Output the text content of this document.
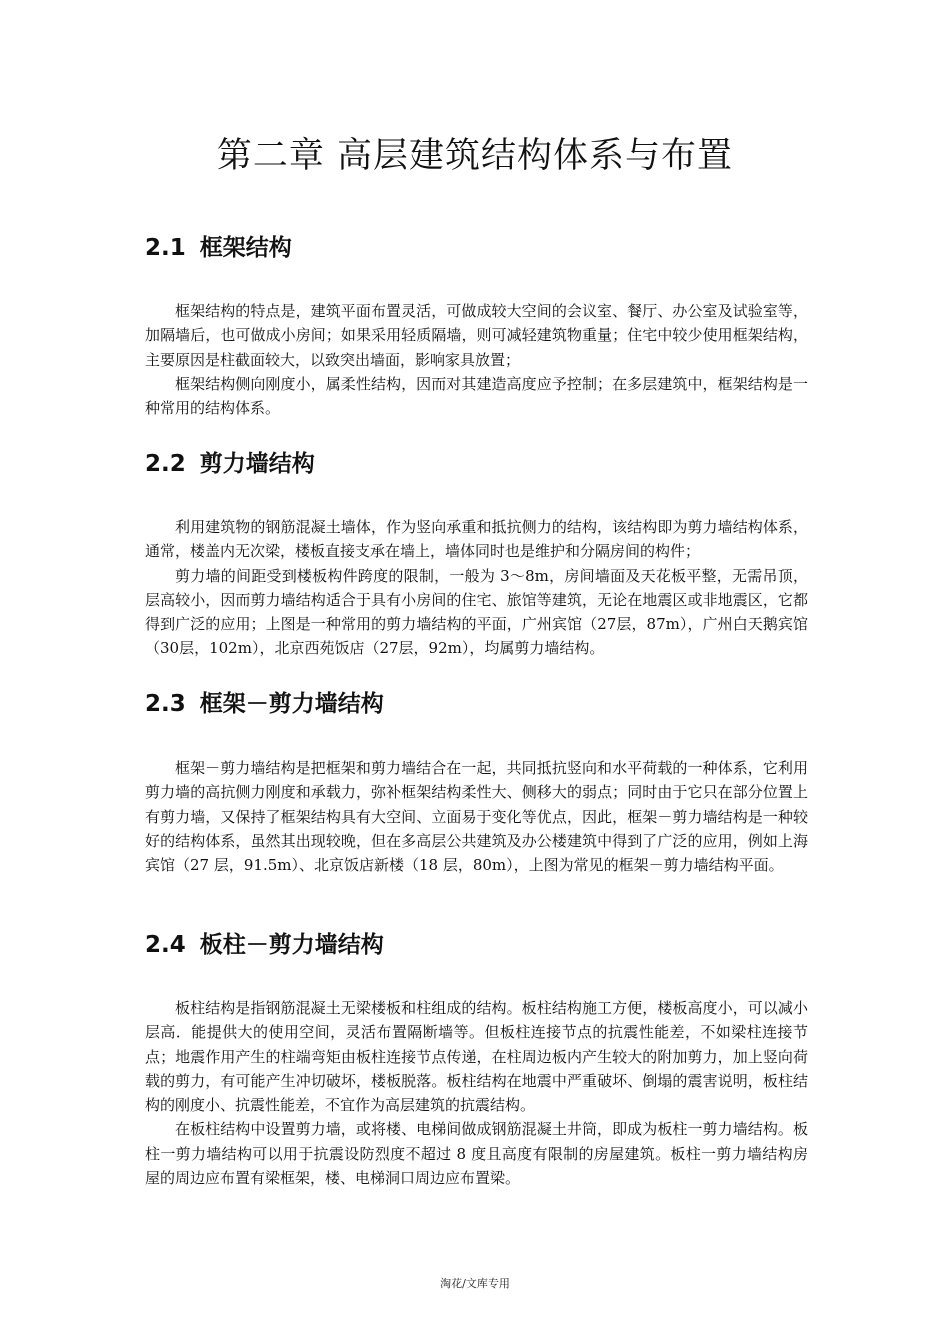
第二章 高层建筑结构体系与布置
2.1 框架结构

框架结构的特点是，建筑平面布置灵活，可做成较大空间的会议室、餐厅、办公室及试验室等，加隔墙后，也可做成小房间；如果采用轻质隔墙，则可减轻建筑物重量；住宅中较少使用框架结构，主要原因是柱截面较大，以致突出墙面，影响家具放置；

框架结构侧向刚度小，属柔性结构，因而对其建造高度应予控制；在多层建筑中，框架结构是一种常用的结构体系。

2.2 剪力墙结构

利用建筑物的钢筋混凝土墙体，作为竖向承重和抵抗侧力的结构，该结构即为剪力墙结构体系，通常，楼盖内无次梁，楼板直接支承在墙上，墙体同时也是维护和分隔房间的构件；

剪力墙的间距受到楼板构件跨度的限制，一般为 3～8m，房间墙面及天花板平整，无需吊顶，层高较小，因而剪力墙结构适合于具有小房间的住宅、旅馆等建筑，无论在地震区或非地震区，它都得到广泛的应用；上图是一种常用的剪力墙结构的平面，广州宾馆（27层，87m），广州白天鹅宾馆（30层，102m），北京西苑饭店（27层，92m），均属剪力墙结构。

2.3 框架－剪力墙结构

框架－剪力墙结构是把框架和剪力墙结合在一起，共同抵抗竖向和水平荷载的一种体系，它利用剪力墙的高抗侧力刚度和承载力，弥补框架结构柔性大、侧移大的弱点；同时由于它只在部分位置上有剪力墙，又保持了框架结构具有大空间、立面易于变化等优点，因此，框架－剪力墙结构是一种较好的结构体系，虽然其出现较晚，但在多高层公共建筑及办公楼建筑中得到了广泛的应用，例如上海宾馆（27 层，91.5m）、北京饭店新楼（18 层，80m），上图为常见的框架－剪力墙结构平面。

2.4 板柱－剪力墙结构

板柱结构是指钢筋混凝土无梁楼板和柱组成的结构。板柱结构施工方便，楼板高度小，可以减小层高．能提供大的使用空间，灵活布置隔断墙等。但板柱连接节点的抗震性能差，不如梁柱连接节点；地震作用产生的柱端弯矩由板柱连接节点传递，在柱周边板内产生较大的附加剪力，加上竖向荷载的剪力，有可能产生冲切破坏，楼板脱落。板柱结构在地震中严重破坏、倒塌的震害说明，板柱结构的刚度小、抗震性能差，不宜作为高层建筑的抗震结构。

在板柱结构中设置剪力墙，或将楼、电梯间做成钢筋混凝土井筒，即成为板柱一剪力墙结构。板柱一剪力墙结构可以用于抗震设防烈度不超过 8 度且高度有限制的房屋建筑。板柱一剪力墙结构房屋的周边应布置有梁框架，楼、电梯洞口周边应布置梁。

淘花/文库专用
